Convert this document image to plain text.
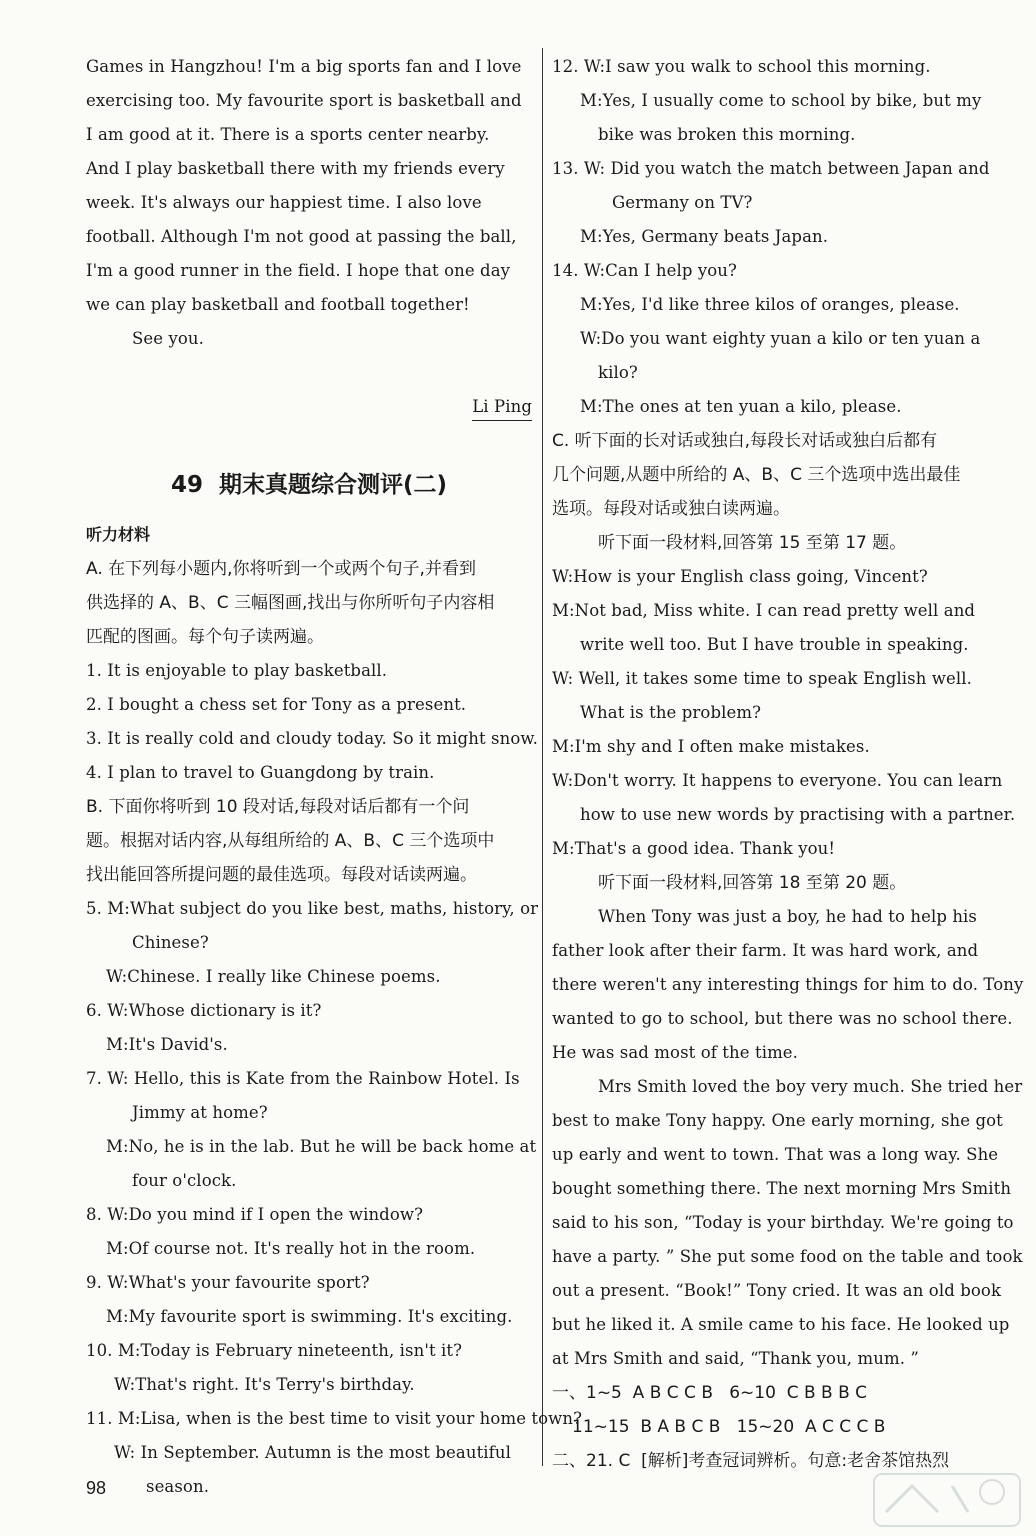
Games in Hangzhou! I'm a big sports fan and I love
exercising too. My favourite sport is basketball and
I am good at it. There is a sports center nearby.
And I play basketball there with my friends every
week. It's always our happiest time. I also love
football. Although I'm not good at passing the ball,
I'm a good runner in the field. I hope that one day
we can play basketball and football together!
See you.

Li Ping

49  期末真题综合测评(二)
听力材料
A. 在下列每小题内,你将听到一个或两个句子,并看到
供选择的 A、B、C 三幅图画,找出与你所听句子内容相
匹配的图画。每个句子读两遍。
1. It is enjoyable to play basketball.
2. I bought a chess set for Tony as a present.
3. It is really cold and cloudy today. So it might snow.
4. I plan to travel to Guangdong by train.
B. 下面你将听到 10 段对话,每段对话后都有一个问
题。根据对话内容,从每组所给的 A、B、C 三个选项中
找出能回答所提问题的最佳选项。每段对话读两遍。
5. M:What subject do you like best, maths, history, or
Chinese?
W:Chinese. I really like Chinese poems.
6. W:Whose dictionary is it?
M:It's David's.
7. W: Hello, this is Kate from the Rainbow Hotel. Is
Jimmy at home?
M:No, he is in the lab. But he will be back home at
four o'clock.
8. W:Do you mind if I open the window?
M:Of course not. It's really hot in the room.
9. W:What's your favourite sport?
M:My favourite sport is swimming. It's exciting.
10. M:Today is February nineteenth, isn't it?
W:That's right. It's Terry's birthday.
11. M:Lisa, when is the best time to visit your home town?
W: In September. Autumn is the most beautiful
season.
12. W:I saw you walk to school this morning.
M:Yes, I usually come to school by bike, but my
bike was broken this morning.
13. W: Did you watch the match between Japan and
Germany on TV?
M:Yes, Germany beats Japan.
14. W:Can I help you?
M:Yes, I'd like three kilos of oranges, please.
W:Do you want eighty yuan a kilo or ten yuan a
kilo?
M:The ones at ten yuan a kilo, please.
C. 听下面的长对话或独白,每段长对话或独白后都有
几个问题,从题中所给的 A、B、C 三个选项中选出最佳
选项。每段对话或独白读两遍。
听下面一段材料,回答第 15 至第 17 题。
W:How is your English class going, Vincent?
M:Not bad, Miss white. I can read pretty well and
write well too. But I have trouble in speaking.
W: Well, it takes some time to speak English well.
What is the problem?
M:I'm shy and I often make mistakes.
W:Don't worry. It happens to everyone. You can learn
how to use new words by practising with a partner.
M:That's a good idea. Thank you!
听下面一段材料,回答第 18 至第 20 题。
When Tony was just a boy, he had to help his
father look after their farm. It was hard work, and
there weren't any interesting things for him to do. Tony
wanted to go to school, but there was no school there.
He was sad most of the time.
Mrs Smith loved the boy very much. She tried her
best to make Tony happy. One early morning, she got
up early and went to town. That was a long way. She
bought something there. The next morning Mrs Smith
said to his son, “Today is your birthday. We're going to
have a party. ” She put some food on the table and took
out a present. “Book!” Tony cried. It was an old book
but he liked it. A smile came to his face. He looked up
at Mrs Smith and said, “Thank you, mum. ”
一、1~5  A B C C B   6~10  C B B B C
11~15  B A B C B   15~20  A C C C B
二、21. C  [解析]考查冠词辨析。句意:老舍茶馆热烈
98
